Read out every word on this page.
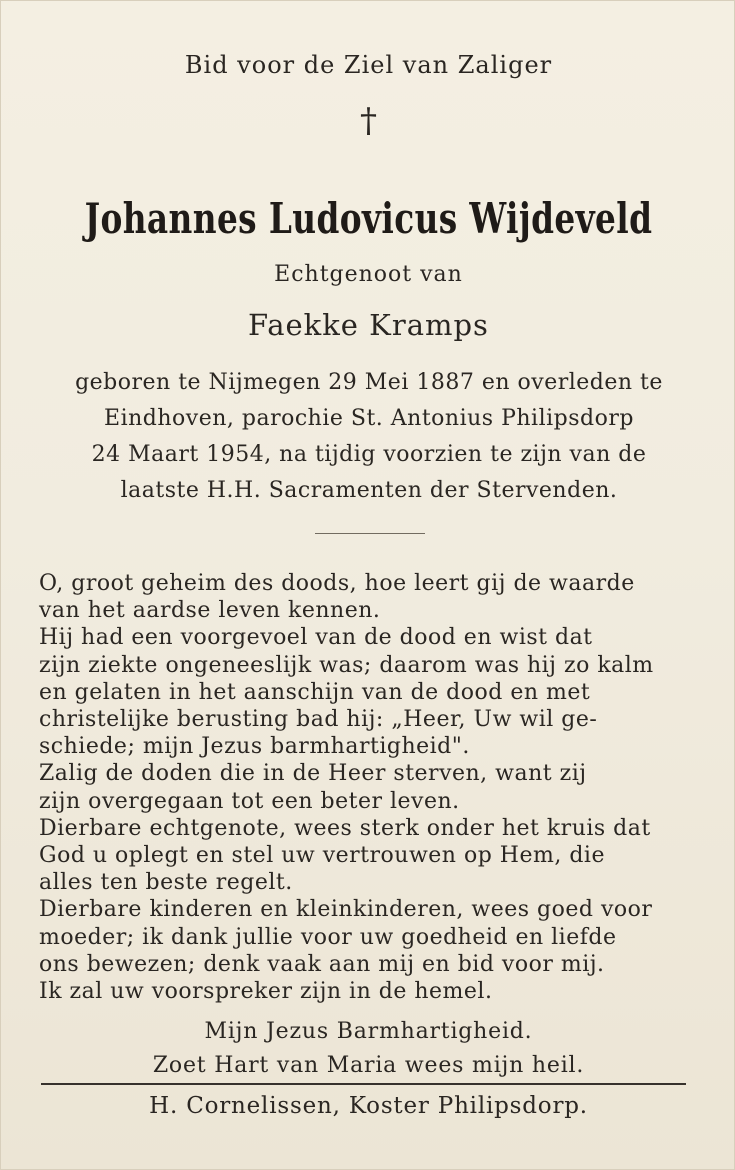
Bid voor de Ziel van Zaliger
†
Johannes Ludovicus Wijdeveld
Echtgenoot van
Faekke Kramps
geboren te Nijmegen 29 Mei 1887 en overleden te
Eindhoven, parochie St. Antonius Philipsdorp
24 Maart 1954, na tijdig voorzien te zijn van de
laatste H.H. Sacramenten der Stervenden.
O, groot geheim des doods, hoe leert gij de waarde
van het aardse leven kennen.
Hij had een voorgevoel van de dood en wist dat
zijn ziekte ongeneeslijk was; daarom was hij zo kalm
en gelaten in het aanschijn van de dood en met
christelijke berusting bad hij: „Heer, Uw wil ge-
schiede; mijn Jezus barmhartigheid".
Zalig de doden die in de Heer sterven, want zij
zijn overgegaan tot een beter leven.
Dierbare echtgenote, wees sterk onder het kruis dat
God u oplegt en stel uw vertrouwen op Hem, die
alles ten beste regelt.
Dierbare kinderen en kleinkinderen, wees goed voor
moeder; ik dank jullie voor uw goedheid en liefde
ons bewezen; denk vaak aan mij en bid voor mij.
Ik zal uw voorspreker zijn in de hemel.
Mijn Jezus Barmhartigheid.
Zoet Hart van Maria wees mijn heil.
H. Cornelissen, Koster Philipsdorp.
